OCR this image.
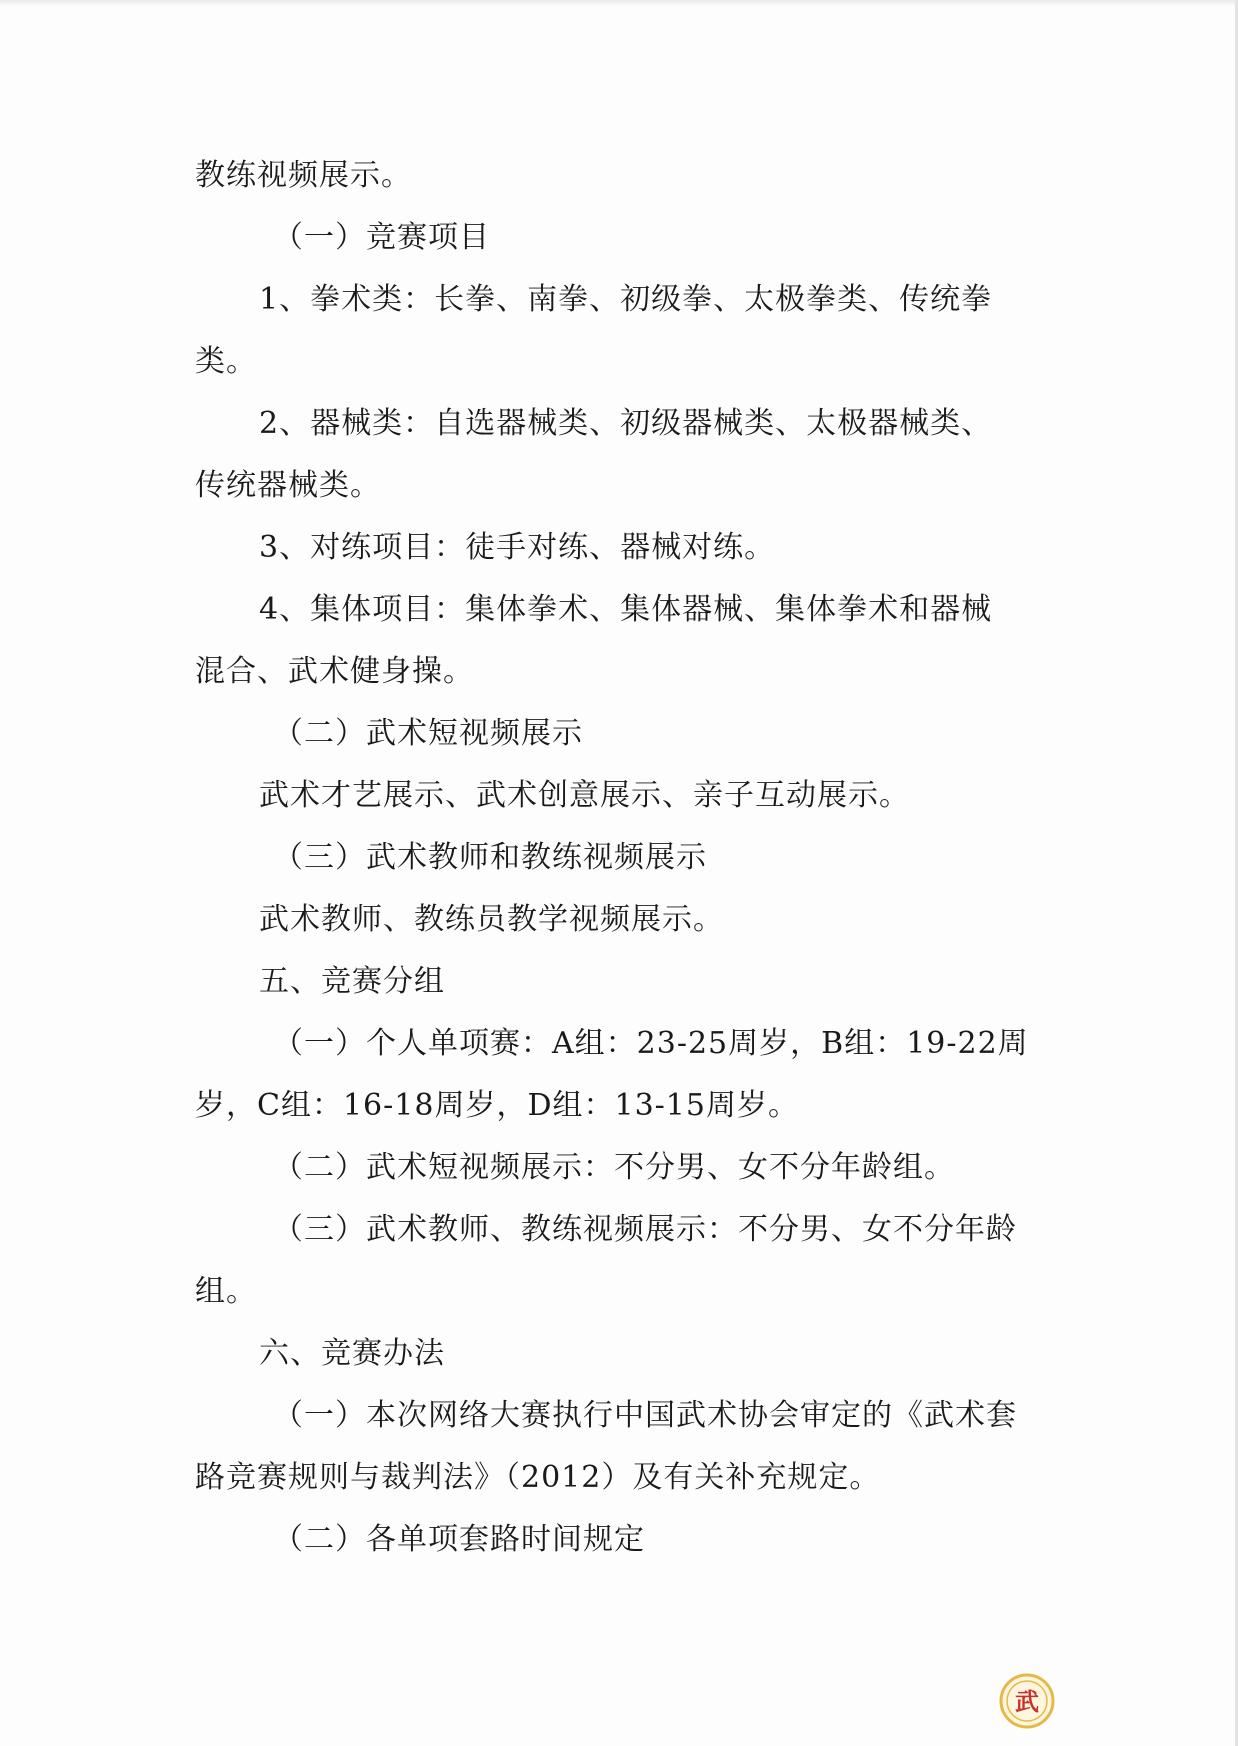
教练视频展示。
（一）竞赛项目
1、拳术类：长拳、南拳、初级拳、太极拳类、传统拳
类。
2、器械类：自选器械类、初级器械类、太极器械类、
传统器械类。
3、对练项目：徒手对练、器械对练。
4、集体项目：集体拳术、集体器械、集体拳术和器械
混合、武术健身操。
（二）武术短视频展示
武术才艺展示、武术创意展示、亲子互动展示。
（三）武术教师和教练视频展示
武术教师、教练员教学视频展示。
五、竞赛分组
（一）个人单项赛：A组：23-25周岁，B组：19-22周
岁，C组：16-18周岁，D组：13-15周岁。
（二）武术短视频展示：不分男、女不分年龄组。
（三）武术教师、教练视频展示：不分男、女不分年龄
组。
六、竞赛办法
（一）本次网络大赛执行中国武术协会审定的《武术套
路竞赛规则与裁判法》（2012）及有关补充规定。
（二）各单项套路时间规定
武
